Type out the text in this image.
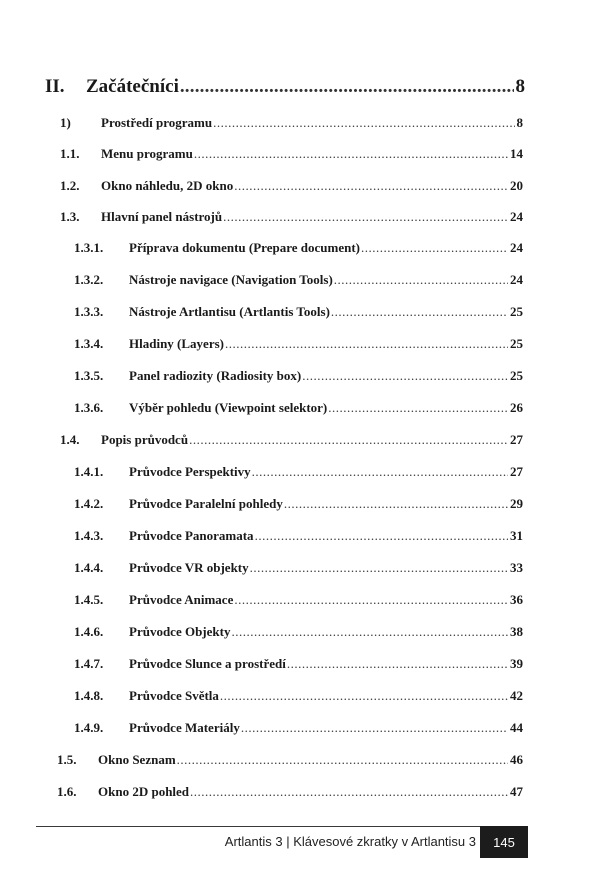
II.	Začátečníci .....	8
1)	Prostředí programu .....	8
1.1.	Menu programu .....	14
1.2.	Okno náhledu, 2D okno .....	20
1.3.	Hlavní panel nástrojů .....	24
1.3.1.	Příprava dokumentu (Prepare document) .....	24
1.3.2.	Nástroje navigace (Navigation Tools) .....	24
1.3.3.	Nástroje Artlantisu (Artlantis Tools) .....	25
1.3.4.	Hladiny (Layers) .....	25
1.3.5.	Panel radiozity (Radiosity box) .....	25
1.3.6.	Výběr pohledu (Viewpoint selektor) .....	26
1.4.	Popis průvodců .....	27
1.4.1.	Průvodce Perspektivy .....	27
1.4.2.	Průvodce Paralelní pohledy .....	29
1.4.3.	Průvodce Panoramata .....	31
1.4.4.	Průvodce VR objekty .....	33
1.4.5.	Průvodce Animace .....	36
1.4.6.	Průvodce Objekty .....	38
1.4.7.	Průvodce Slunce a prostředí .....	39
1.4.8.	Průvodce Světla .....	42
1.4.9.	Průvodce Materiály .....	44
1.5.	Okno Seznam .....	46
1.6.	Okno 2D pohled .....	47
Artlantis 3 | Klávesové zkratky v Artlantisu 3 145
